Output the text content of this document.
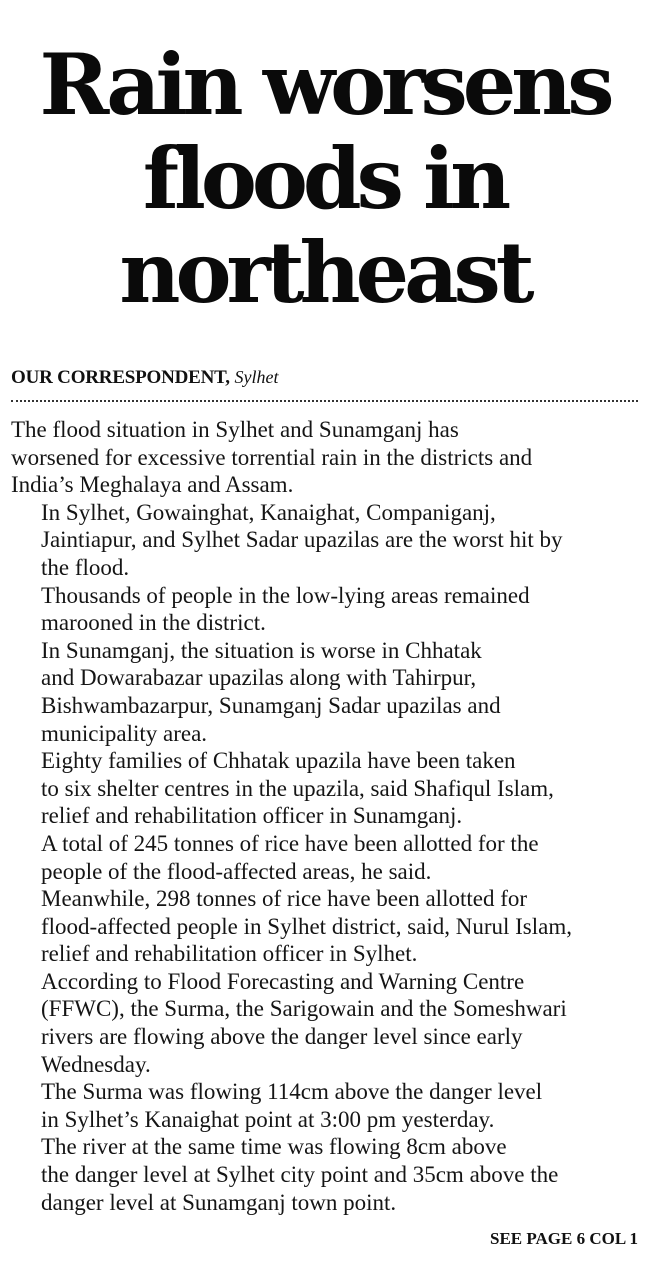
Rain worsens
floods in
northeast
OUR CORRESPONDENT, Sylhet

The flood situation in Sylhet and Sunamganj has
worsened for excessive torrential rain in the districts and
India’s Meghalaya and Assam.

In Sylhet, Gowainghat, Kanaighat, Companiganj,
Jaintiapur, and Sylhet Sadar upazilas are the worst hit by
the flood.

Thousands of people in the low-lying areas remained
marooned in the district.

In Sunamganj, the situation is worse in Chhatak
and Dowarabazar upazilas along with Tahirpur,
Bishwambazarpur, Sunamganj Sadar upazilas and
municipality area.

Eighty families of Chhatak upazila have been taken
to six shelter centres in the upazila, said Shafiqul Islam,
relief and rehabilitation officer in Sunamganj.

A total of 245 tonnes of rice have been allotted for the
people of the flood-affected areas, he said.

Meanwhile, 298 tonnes of rice have been allotted for
flood-affected people in Sylhet district, said, Nurul Islam,
relief and rehabilitation officer in Sylhet.

According to Flood Forecasting and Warning Centre
(FFWC), the Surma, the Sarigowain and the Someshwari
rivers are flowing above the danger level since early
Wednesday.

The Surma was flowing 114cm above the danger level
in Sylhet’s Kanaighat point at 3:00 pm yesterday.

The river at the same time was flowing 8cm above
the danger level at Sylhet city point and 35cm above the
danger level at Sunamganj town point.

SEE PAGE 6 COL 1
